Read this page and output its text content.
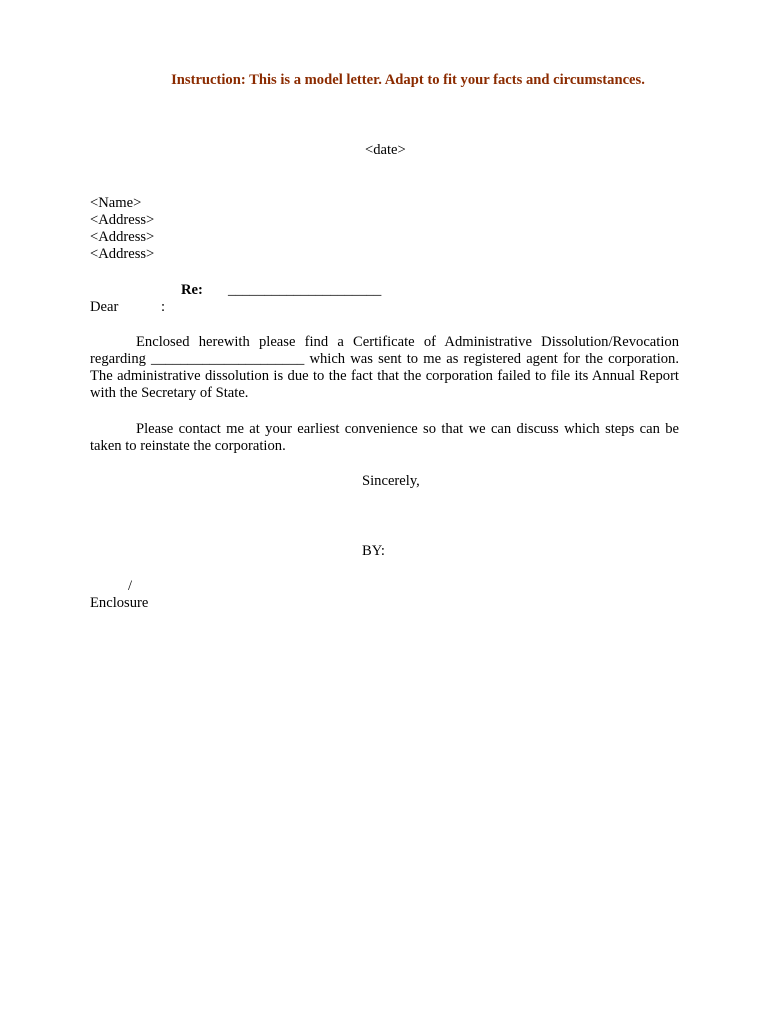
Instruction: This is a model letter. Adapt to fit your facts and circumstances.
<date>
<Name>
<Address>
<Address>
<Address>
Re: _____________________
Dear	:
Enclosed herewith please find a Certificate of Administrative Dissolution/Revocation regarding _____________________ which was sent to me as registered agent for the corporation. The administrative dissolution is due to the fact that the corporation failed to file its Annual Report with the Secretary of State.
Please contact me at your earliest convenience so that we can discuss which steps can be taken to reinstate the corporation.
Sincerely,
BY:
/
Enclosure
